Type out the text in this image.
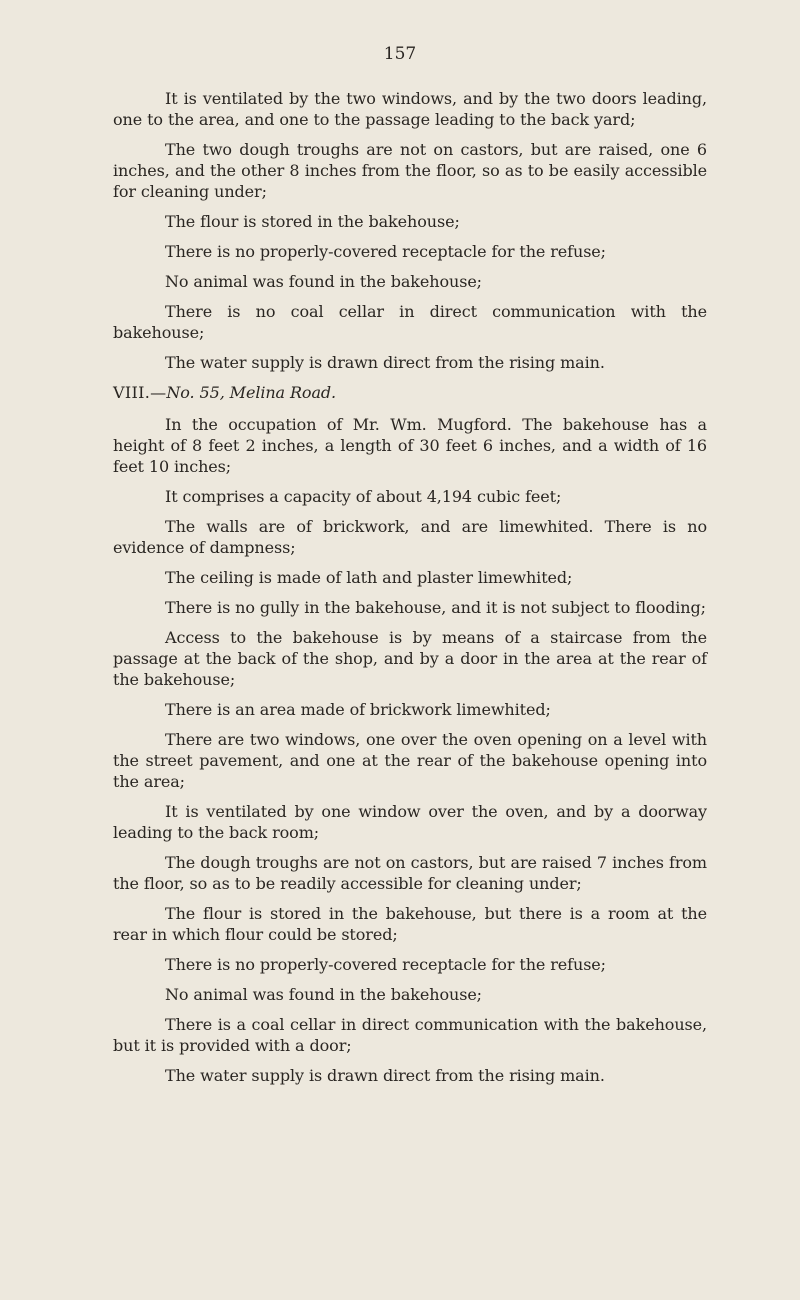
157

It is ventilated by the two windows, and by the two doors leading, one to the area, and one to the passage leading to the back yard;

The two dough troughs are not on castors, but are raised, one 6 inches, and the other 8 inches from the floor, so as to be easily accessible for cleaning under;

The flour is stored in the bakehouse;

There is no properly-covered receptacle for the refuse;

No animal was found in the bakehouse;

There is no coal cellar in direct communication with the bakehouse;

The water supply is drawn direct from the rising main.

VIII.—No. 55, Melina Road.

In the occupation of Mr. Wm. Mugford. The bakehouse has a height of 8 feet 2 inches, a length of 30 feet 6 inches, and a width of 16 feet 10 inches;

It comprises a capacity of about 4,194 cubic feet;

The walls are of brickwork, and are limewhited. There is no evidence of dampness;

The ceiling is made of lath and plaster limewhited;

There is no gully in the bakehouse, and it is not subject to flooding;

Access to the bakehouse is by means of a staircase from the passage at the back of the shop, and by a door in the area at the rear of the bakehouse;

There is an area made of brickwork limewhited;

There are two windows, one over the oven opening on a level with the street pavement, and one at the rear of the bakehouse opening into the area;

It is ventilated by one window over the oven, and by a doorway leading to the back room;

The dough troughs are not on castors, but are raised 7 inches from the floor, so as to be readily accessible for cleaning under;

The flour is stored in the bakehouse, but there is a room at the rear in which flour could be stored;

There is no properly-covered receptacle for the refuse;

No animal was found in the bakehouse;

There is a coal cellar in direct communication with the bakehouse, but it is provided with a door;

The water supply is drawn direct from the rising main.
